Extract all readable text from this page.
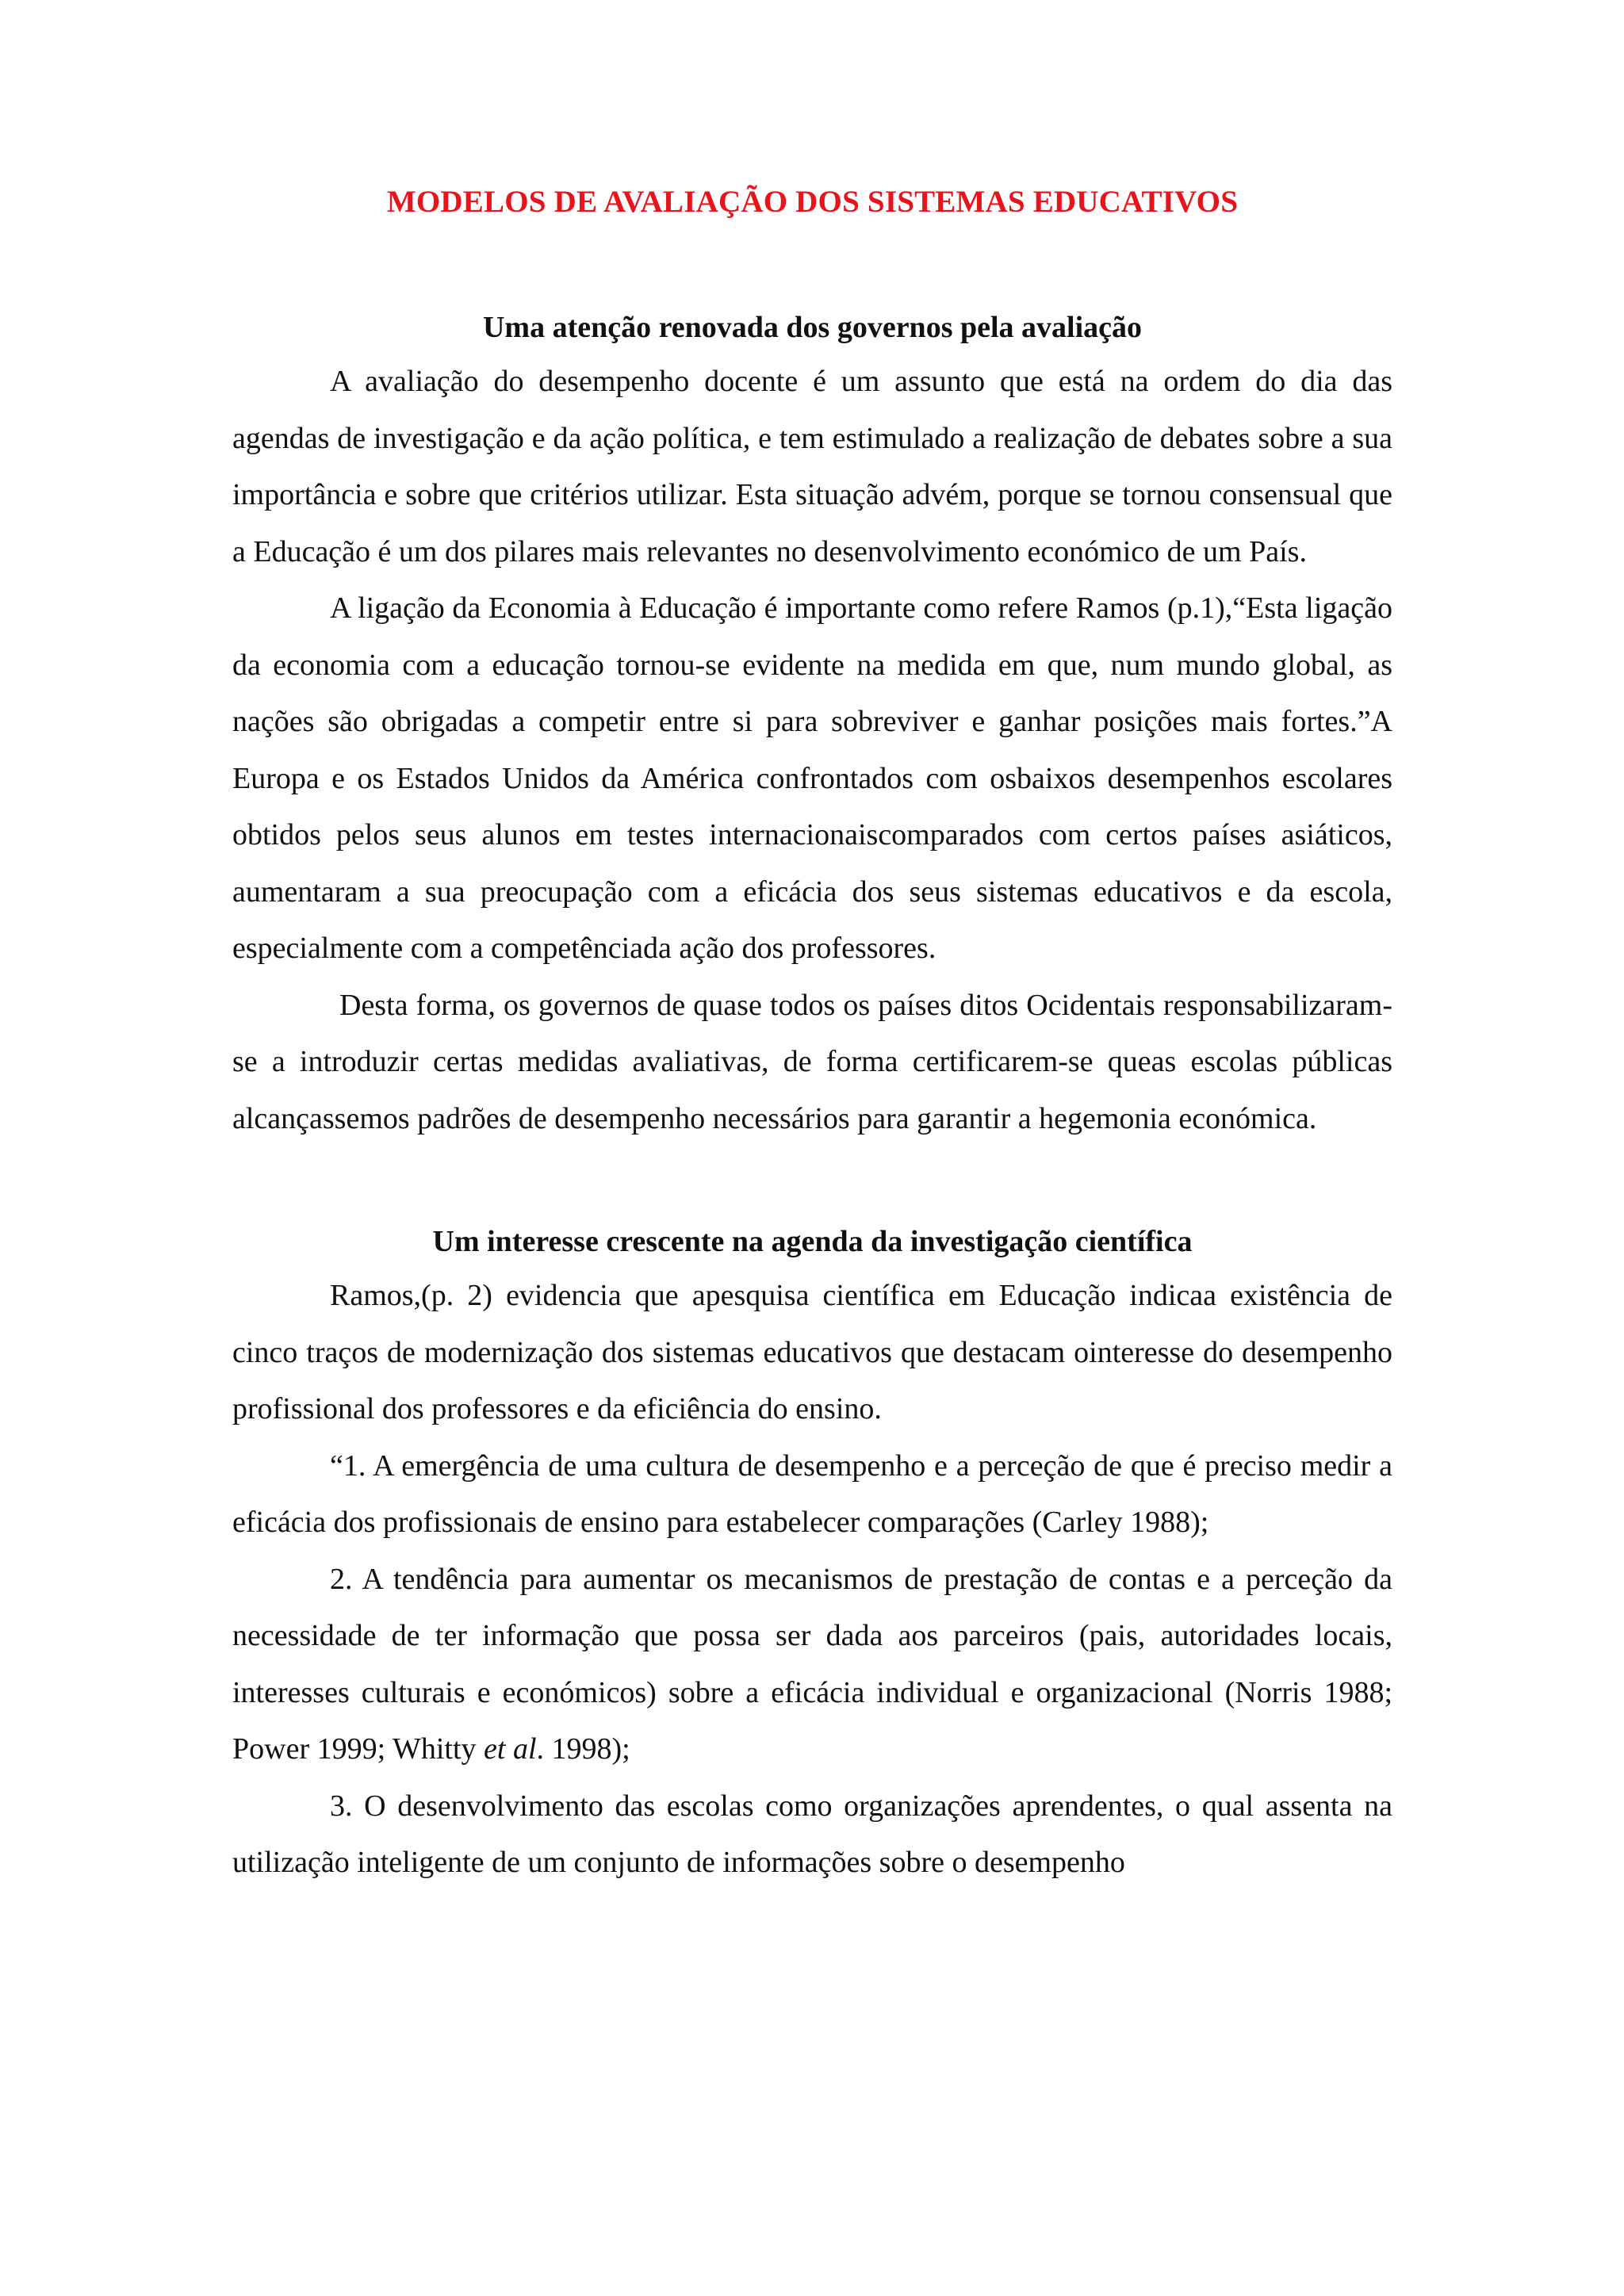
MODELOS DE AVALIAÇÃO DOS SISTEMAS EDUCATIVOS
Uma atenção renovada dos governos pela avaliação

A avaliação do desempenho docente é um assunto que está na ordem do dia das agendas de investigação e da ação política, e tem estimulado a realização de debates sobre a sua importância e sobre que critérios utilizar. Esta situação advém, porque se tornou consensual que a Educação é um dos pilares mais relevantes no desenvolvimento económico de um País.

A ligação da Economia à Educação é importante como refere Ramos (p.1),“Esta ligação da economia com a educação tornou-se evidente na medida em que, num mundo global, as nações são obrigadas a competir entre si para sobreviver e ganhar posições mais fortes.”A Europa e os Estados Unidos da América confrontados com osbaixos desempenhos escolares obtidos pelos seus alunos em testes internacionaiscomparados com certos países asiáticos, aumentaram a sua preocupação com a eficácia dos seus sistemas educativos e da escola, especialmente com a competênciada ação dos professores.

Desta forma, os governos de quase todos os países ditos Ocidentais responsabilizaram-se a introduzir certas medidas avaliativas, de forma certificarem-se queas escolas públicas alcançassemos padrões de desempenho necessários para garantir a hegemonia económica.

Um interesse crescente na agenda da investigação científica

Ramos,(p. 2) evidencia que apesquisa científica em Educação indicaa existência de cinco traços de modernização dos sistemas educativos que destacam ointeresse do desempenho profissional dos professores e da eficiência do ensino.

“1. A emergência de uma cultura de desempenho e a perceção de que é preciso medir a eficácia dos profissionais de ensino para estabelecer comparações (Carley 1988);

2. A tendência para aumentar os mecanismos de prestação de contas e a perceção da necessidade de ter informação que possa ser dada aos parceiros (pais, autoridades locais, interesses culturais e económicos) sobre a eficácia individual e organizacional (Norris 1988; Power 1999; Whitty et al. 1998);

3. O desenvolvimento das escolas como organizações aprendentes, o qual assenta na utilização inteligente de um conjunto de informações sobre o desempenho
